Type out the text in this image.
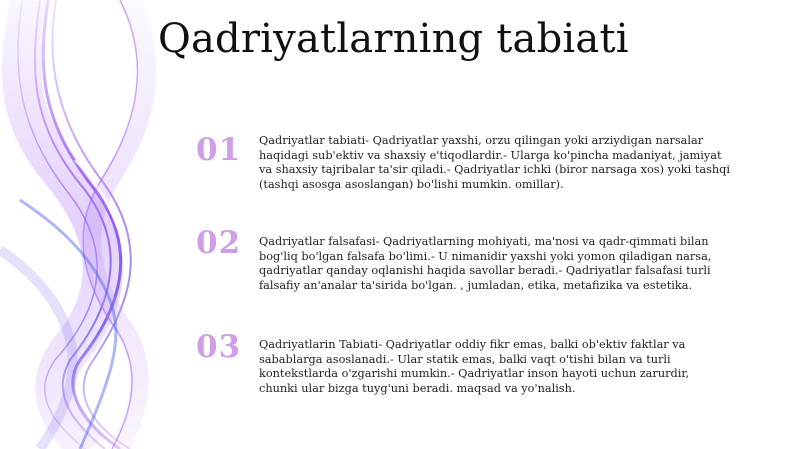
Qadriyatlarning tabiati
01	Qadriyatlar tabiati- Qadriyatlar yaxshi, orzu qilingan yoki arziydigan narsalar haqidagi sub'ektiv va shaxsiy e'tiqodlardir.- Ularga ko'pincha madaniyat, jamiyat va shaxsiy tajribalar ta'sir qiladi.- Qadriyatlar ichki (biror narsaga xos) yoki tashqi (tashqi asosga asoslangan) bo'lishi mumkin. omillar).
02	Qadriyatlar falsafasi- Qadriyatlarning mohiyati, ma'nosi va qadr-qimmati bilan bog'liq bo'lgan falsafa bo'limi.- U nimanidir yaxshi yoki yomon qiladigan narsa, qadriyatlar qanday oqlanishi haqida savollar beradi.- Qadriyatlar falsafasi turli falsafiy an'analar ta'sirida bo'lgan. , jumladan, etika, metafizika va estetika.
03	Qadriyatlarin Tabiati- Qadriyatlar oddiy fikr emas, balki ob'ektiv faktlar va sabablarga asoslanadi.- Ular statik emas, balki vaqt o'tishi bilan va turli kontekstlarda o'zgarishi mumkin.- Qadriyatlar inson hayoti uchun zarurdir, chunki ular bizga tuyg'uni beradi. maqsad va yo'nalish.
